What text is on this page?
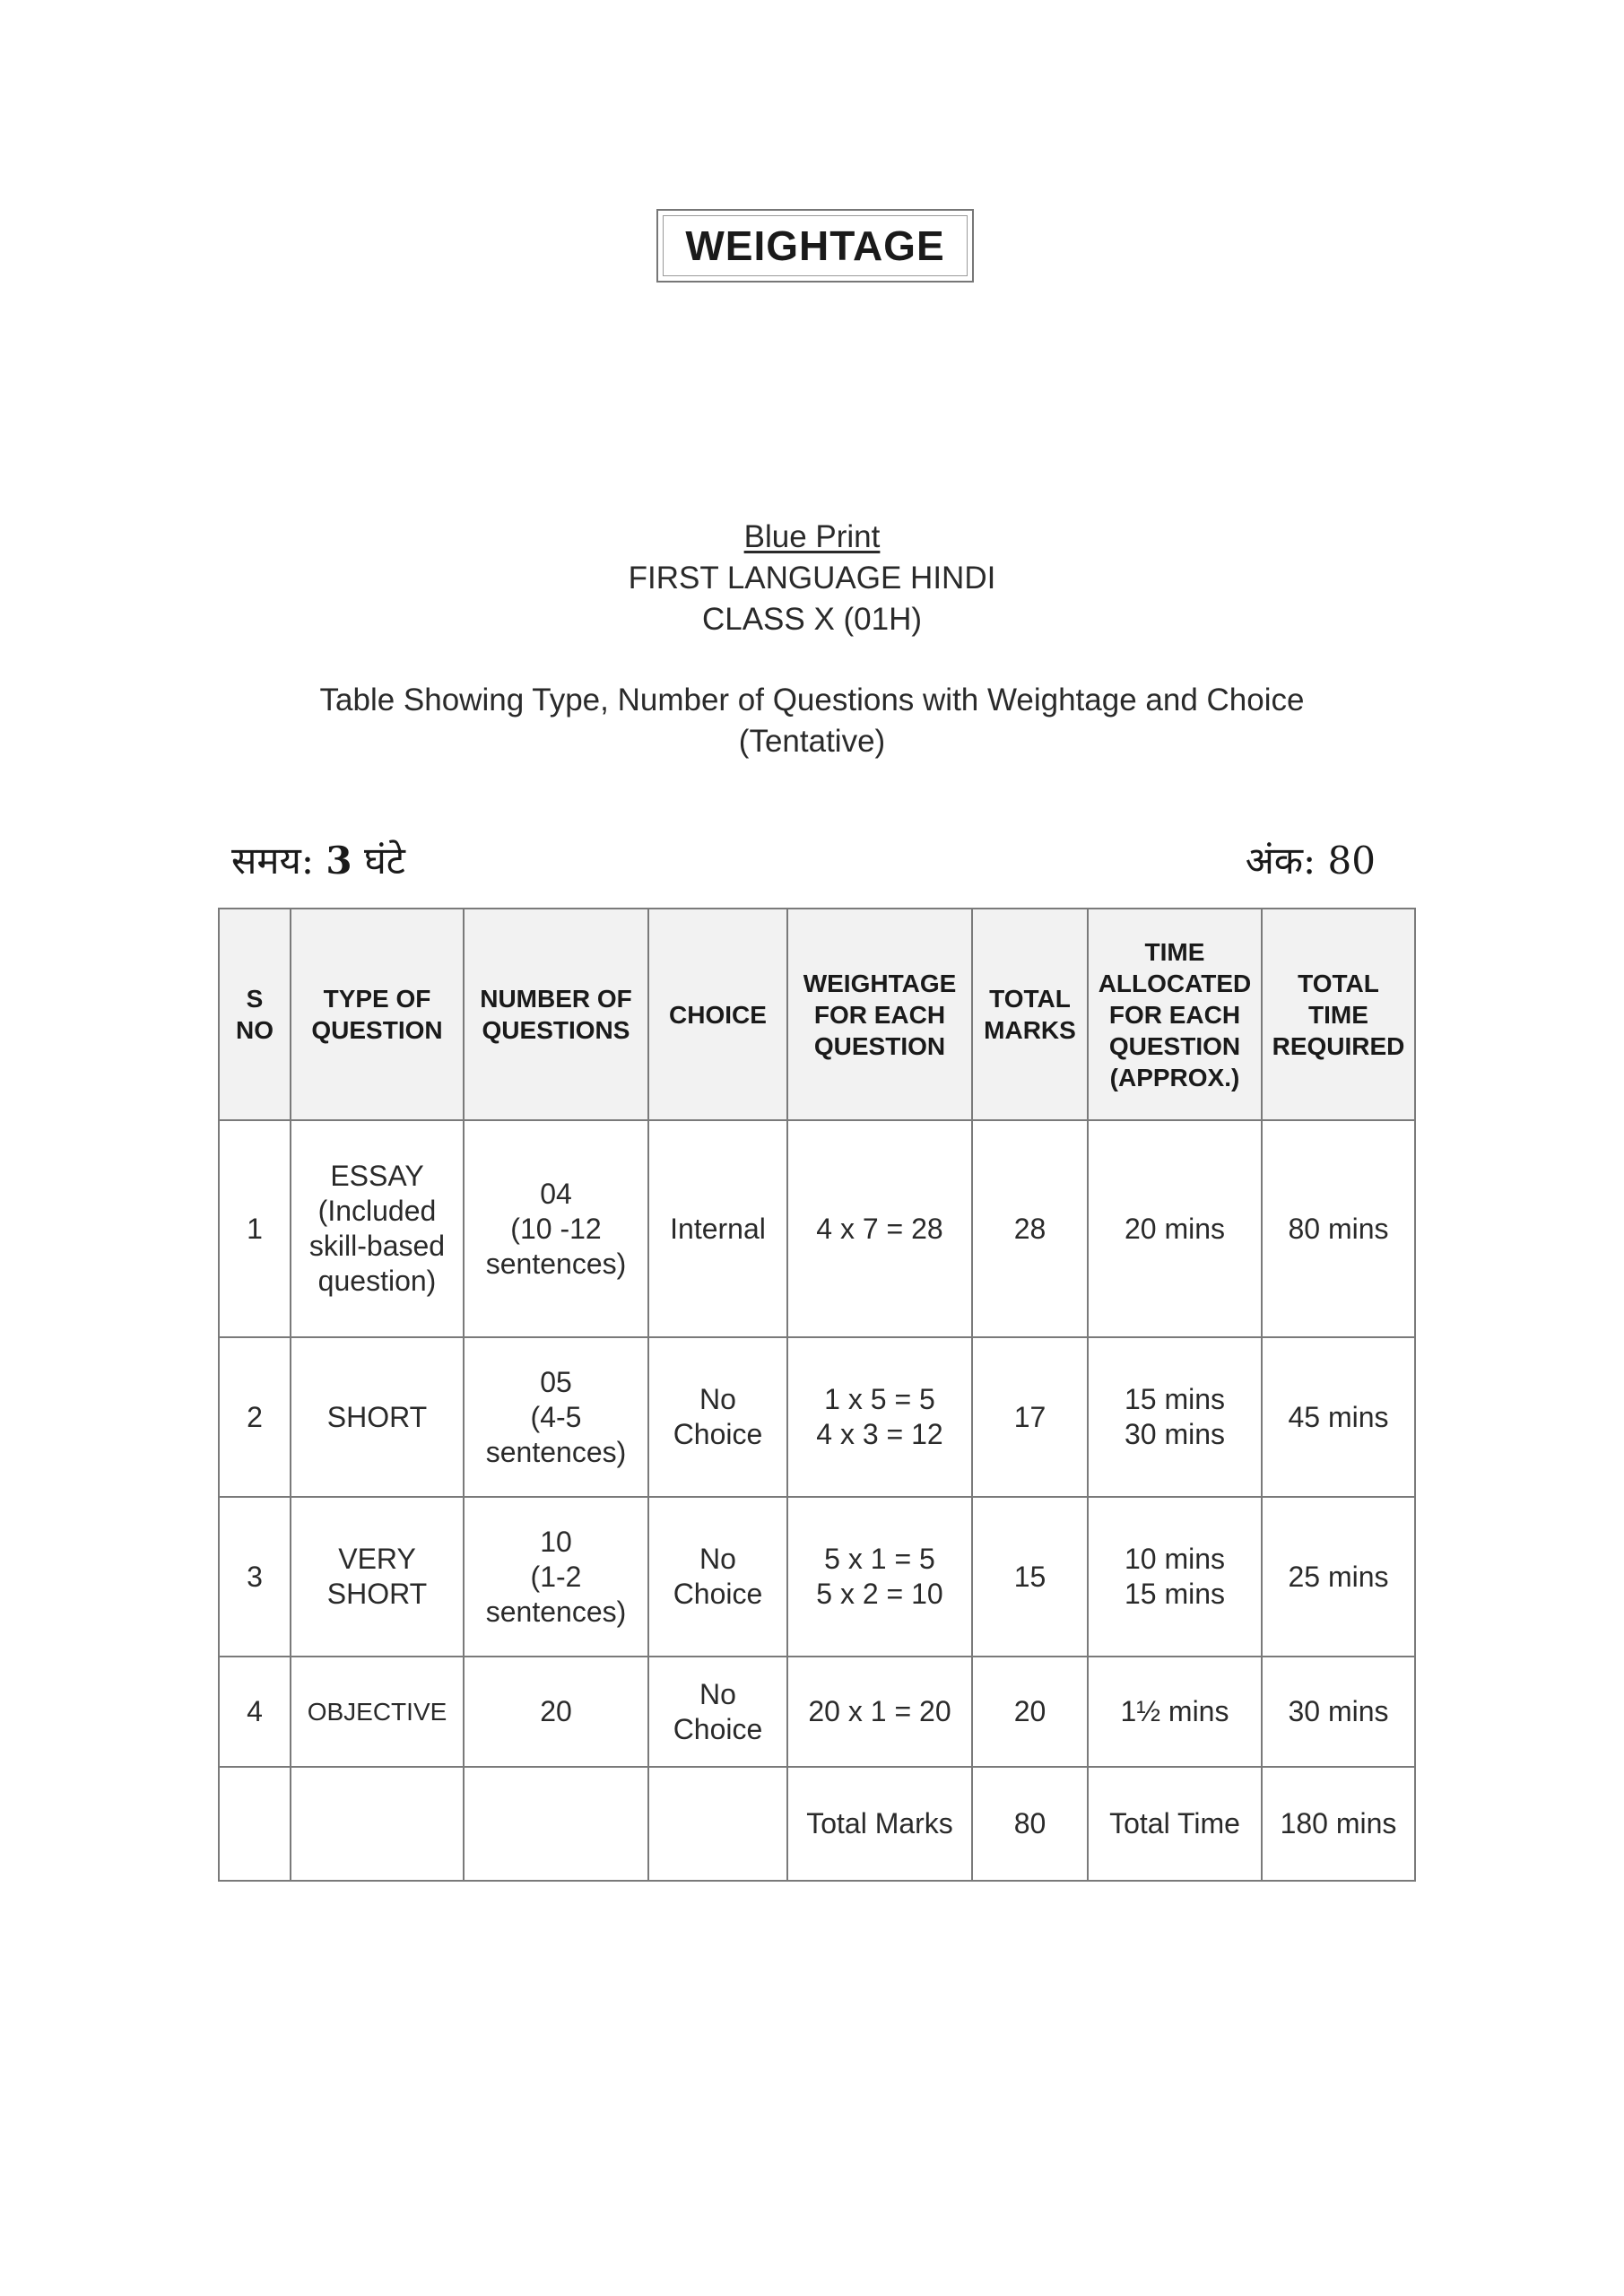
WEIGHTAGE
Blue Print
FIRST LANGUAGE HINDI
CLASS X (01H)
Table Showing Type, Number of Questions with Weightage and Choice
(Tentative)
समय: 3 घंटे	अंक: 80
S
NO	TYPE OF
QUESTION	NUMBER OF
QUESTIONS	CHOICE	WEIGHTAGE
FOR EACH
QUESTION	TOTAL
MARKS	TIME
ALLOCATED
FOR EACH
QUESTION
(APPROX.)	TOTAL
TIME
REQUIRED
1	ESSAY
(Included
skill-based
question)	04
(10 -12
sentences)	Internal	4 x 7 = 28	28	20 mins	80 mins
2	SHORT	05
(4-5
sentences)	No
Choice	1 x 5 = 5
4 x 3 = 12	17	15 mins
30 mins	45 mins
3	VERY
SHORT	10
(1-2
sentences)	No
Choice	5 x 1 = 5
5 x 2 = 10	15	10 mins
15 mins	25 mins
4	OBJECTIVE	20	No
Choice	20 x 1 = 20	20	1½ mins	30 mins
				Total Marks	80	Total Time	180 mins
